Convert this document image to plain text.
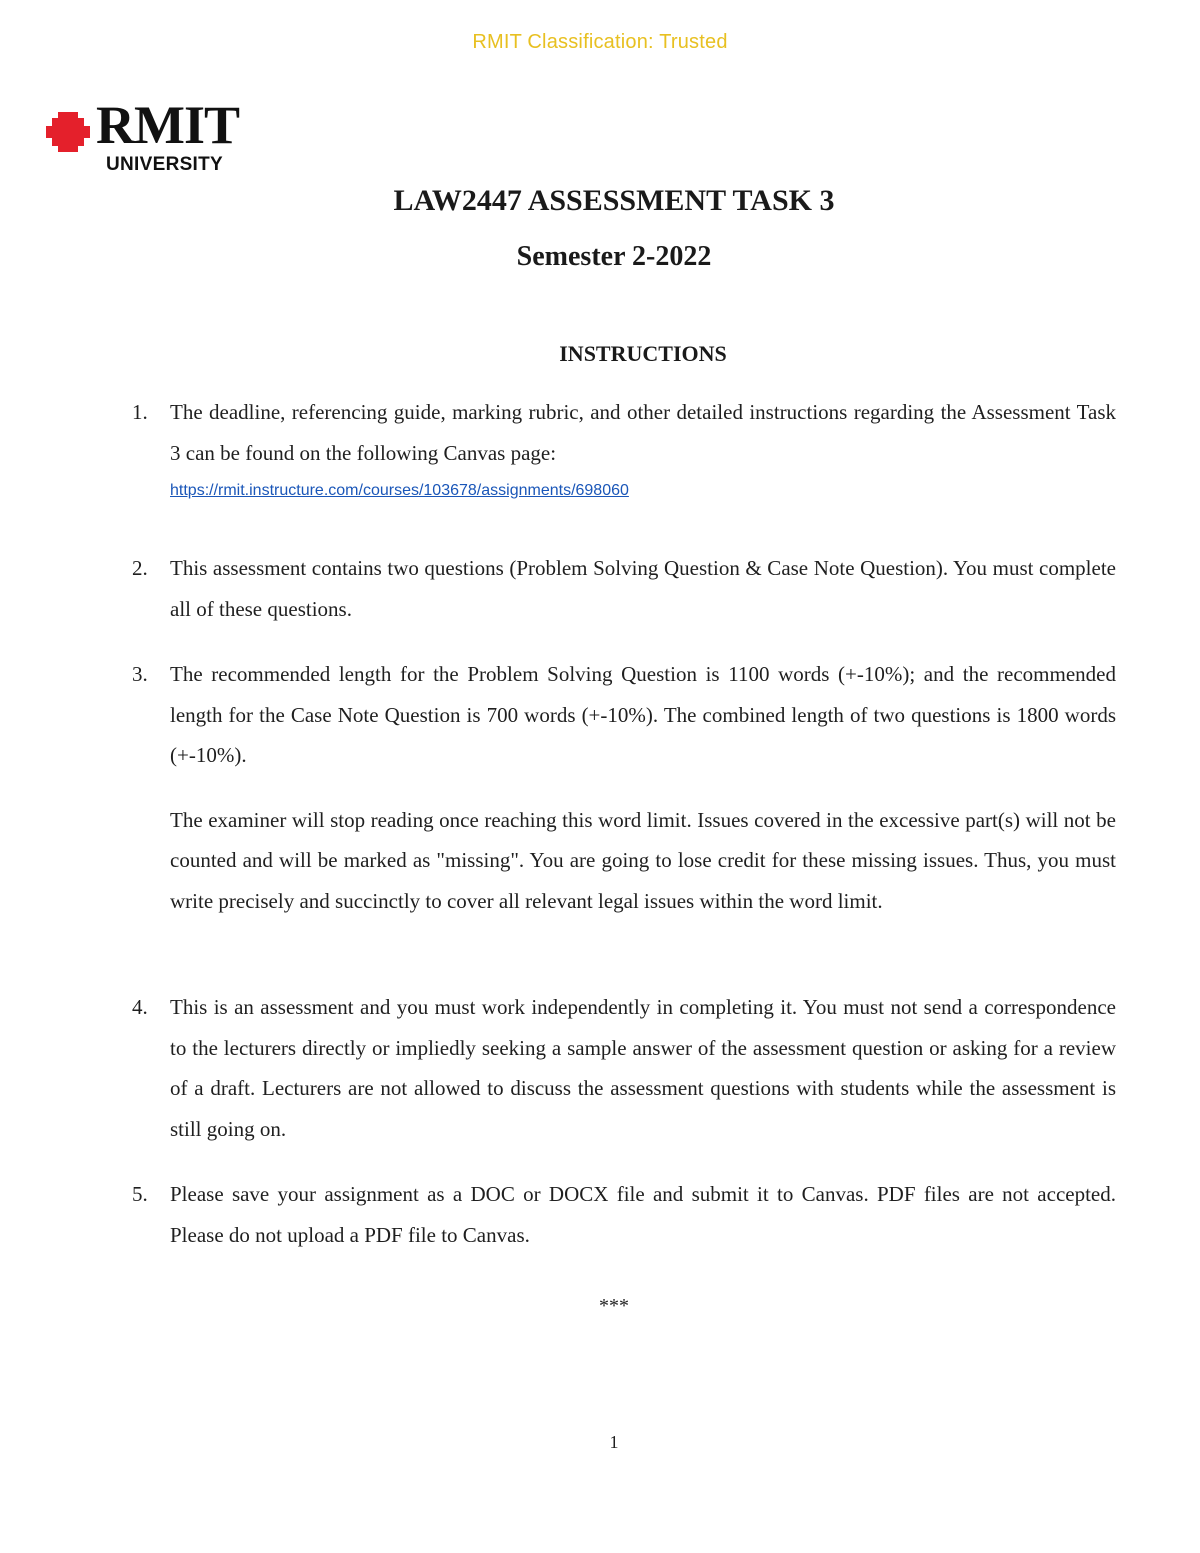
RMIT Classification: Trusted
RMIT
UNIVERSITY
LAW2447 ASSESSMENT TASK 3
Semester 2-2022
INSTRUCTIONS
1. The deadline, referencing guide, marking rubric, and other detailed instructions regarding the Assessment Task 3 can be found on the following Canvas page:

https://rmit.instructure.com/courses/103678/assignments/698060
2. This assessment contains two questions (Problem Solving Question & Case Note Question). You must complete all of these questions.

3. The recommended length for the Problem Solving Question is 1100 words (+-10%); and the recommended length for the Case Note Question is 700 words (+-10%). The combined length of two questions is 1800 words (+-10%).

The examiner will stop reading once reaching this word limit. Issues covered in the excessive part(s) will not be counted and will be marked as "missing". You are going to lose credit for these missing issues. Thus, you must write precisely and succinctly to cover all relevant legal issues within the word limit.

4. This is an assessment and you must work independently in completing it. You must not send a correspondence to the lecturers directly or impliedly seeking a sample answer of the assessment question or asking for a review of a draft. Lecturers are not allowed to discuss the assessment questions with students while the assessment is still going on.

5. Please save your assignment as a DOC or DOCX file and submit it to Canvas. PDF files are not accepted. Please do not upload a PDF file to Canvas.

***
1
